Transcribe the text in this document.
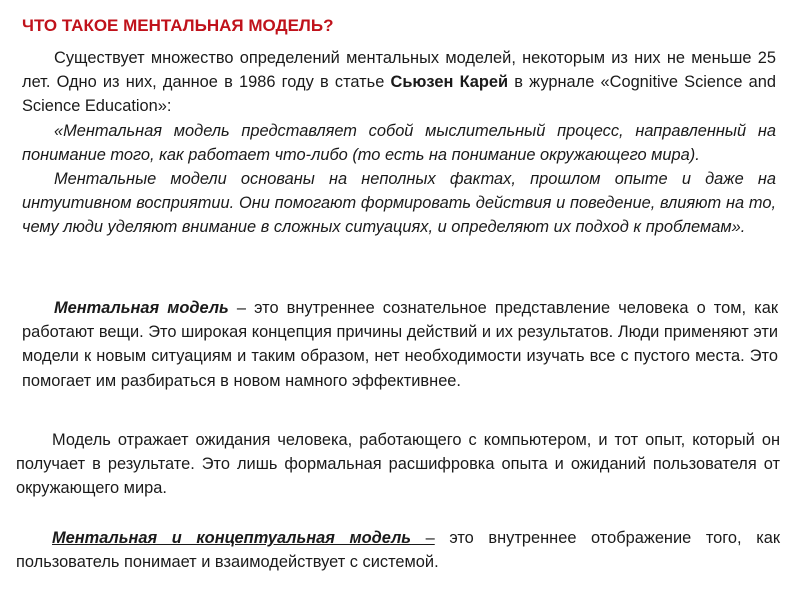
ЧТО ТАКОЕ МЕНТАЛЬНАЯ МОДЕЛЬ?

Существует множество определений ментальных моделей, некоторым из них не меньше 25 лет. Одно из них, данное в 1986 году в статье Сьюзен Карей в журнале «Cognitive Science and Science Education»:

«Ментальная модель представляет собой мыслительный процесс, направленный на понимание того, как работает что-либо (то есть на понимание окружающего мира).

Ментальные модели основаны на неполных фактах, прошлом опыте и даже на интуитивном восприятии. Они помогают формировать действия и поведение, влияют на то, чему люди уделяют внимание в сложных ситуациях, и определяют их подход к проблемам».

Ментальная модель – это внутреннее сознательное представление человека о том, как работают вещи. Это широкая концепция причины действий и их результатов. Люди применяют эти модели к новым ситуациям и таким образом, нет необходимости изучать все с пустого места. Это помогает им разбираться в новом намного эффективнее.

Модель отражает ожидания человека, работающего с компьютером, и тот опыт, который он получает в результате. Это лишь формальная расшифровка опыта и ожиданий пользователя от окружающего мира.

Ментальная и концептуальная модель – это внутреннее отображение того, как пользователь понимает и взаимодействует с системой.
